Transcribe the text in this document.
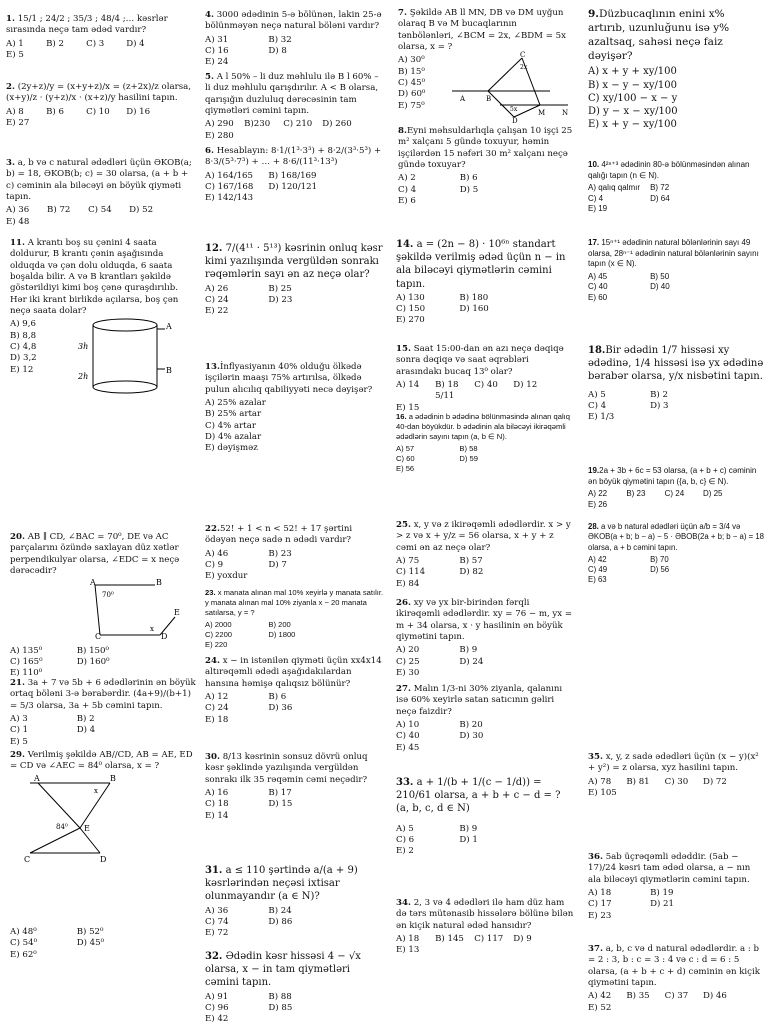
1. 15/1 ; 24/2 ; 35/3 ; 48/4 ;… kəsrlər sırasında neçə tam ədəd vardır?

A) 1	B) 2	C) 3	D) 4
E) 5

2. (2y+z)/y = (x+y+z)/x = (z+2x)/z olarsa, (x+y)/z · (y+z)/x · (x+z)/y hasilini tapın.

A) 8	B) 6	C) 10	D) 16
E) 27

3. a, b və c natural ədədləri üçün ƏKOB(a; b) = 18, ƏKOB(b; c) = 30 olarsa, (a + b + c) cəminin ala biləcəyi ən böyük qiyməti tapın.

A) 36	B) 72	C) 54	D) 52
E) 48

11. A krantı boş su çənini 4 saata doldurur, B krantı çənin aşağısında olduqda və çən dolu olduqda, 6 saata boşalda bilir. A və B krantları şəkildə göstərildiyi kimi boş çənə quraşdırılıb. Hər iki krant birlikdə açılarsa, boş çən neçə saata dolar?

A) 9,6
B) 8,8
C) 4,8
D) 3,2
E) 12
A
B
3h
2h

20. AB ∥ CD, ∠BAC = 70⁰, DE və AC parçalarını özündə saxlayan düz xətlər perpendikulyar olarsa, ∠EDC = x neçə dərəcədir?

A	B
C	D
E
70⁰
x
A) 135⁰	B) 150⁰
C) 165⁰	D) 160⁰
E) 110⁰

21. 3a + 7 və 5b + 6 ədədlərinin ən böyük ortaq böləni 3-ə bərabərdir. (4a+9)/(b+1) = 5/3 olarsa, 3a + 5b cəmini tapın.

A) 3	B) 2
C) 1	D) 4
E) 5

29. Verilmiş şəkildə AB//CD, AB = AE, ED = CD və ∠AEC = 84⁰ olarsa, x = ?

A	B
C	D
E
84⁰
x
A) 48⁰	B) 52⁰
C) 54⁰	D) 45⁰
E) 62⁰

4. 3000 ədədinin 5-ə bölünən, lakin 25-ə bölünməyən neçə natural böləni vardır?

A) 31	B) 32
C) 16	D) 8
E) 24

5. A l 50% – li duz məhlulu ilə B l 60% – li duz məhlulu qarışdırılır. A < B olarsa, qarışığın duzluluq dərəcəsinin tam qiymətləri cəmini tapın.

A) 290	B)230	C) 210	D) 260
E) 280

6. Hesablayın: 8·1/(1³·3³) + 8·2/(3³·5³) + 8·3/(5³·7³) + … + 8·6/(11³·13³)

A) 164/165	B) 168/169
C) 167/168	D) 120/121
E) 142/143

12. 7/(4¹¹ · 5¹³) kəsrinin onluq kəsr kimi yazılışında vergüldən sonrakı rəqəmlərin sayı ən az neçə olar?

A) 26	B) 25
C) 24	D) 23
E) 22

13.İnflyasiyanın 40% olduğu ölkədə işçilərin maaşı 75% artırılsa, ölkədə pulun alıcılıq qabiliyyəti necə dəyişər?

A) 25% azalar
B) 25% artar
C) 4% artar
D) 4% azalar
E) dəyişməz

22.52! + 1 < n < 52! + 17 şərtini ödəyən neçə sadə n ədədi vardır?

A) 46	B) 23
C) 9	D) 7
E) yoxdur

23. x manata alınan mal 10% xeyirlə y manata satılır. y manata alınan mal 10% ziyanla x − 20 manata satılarsa, y = ?

A) 2000	B) 200
C) 2200	D) 1800
E) 220

24. x − in istənilən qiyməti üçün xx4x14 altırəqəmli ədədi aşağıdakılardan hansına həmişə qalıqsız bölünür?

A) 12	B) 6
C) 24	D) 36
E) 18

30. 8/13 kəsrinin sonsuz dövrü onluq kəsr şəklində yazılışında vergüldən sonrakı ilk 35 rəqəmin cəmi neçədir?

A) 16	B) 17
C) 18	D) 15
E) 14

31. a ≤ 110 şərtində a/(a + 9) kəsrlərindən neçəsi ixtisar olunmayandır (a ∈ N)?

A) 36	B) 24
C) 74	D) 86
E) 72

32. Ədədin kəsr hissəsi 4 − √x olarsa, x − in tam qiymətləri cəmini tapın.

A) 91	B) 88
C) 96	D) 85
E) 42

7. Şəkildə AB ll MN, DB və DM uyğun olaraq B və M bucaqlarının tənbölənləri, ∠BCM = 2x, ∠BDM = 5x olarsa, x = ?

A) 30⁰
B) 15⁰
C) 45⁰
D) 60⁰
E) 75⁰
A	B
C
D
M N
5x
2x

8.Eyni məhsuldarlıqla çalışan 10 işçi 25 m² xalçanı 5 gündə toxuyur, həmin işçilərdən 15 nəfəri 30 m² xalçanı neçə gündə toxuyar?

A) 2	B) 6
C) 4	D) 5
E) 6

14. a = (2n − 8) · 10⁶ⁿ standart şəkildə verilmiş ədəd üçün n − in ala biləcəyi qiymətlərin cəmini tapın.

A) 130	B) 180
C) 150	D) 160
E) 270

15. Saat 15:00-dan ən azı neçə dəqiqə sonra dəqiqə və saat əqrəbləri arasındakı bucaq 13⁰ olar?

A) 14	B) 18 5/11
C) 40	D) 12
E) 15

16. a ədədinin b ədədinə bölünməsində alınan qalıq 40-dan böyükdür. b ədədinin ala biləcəyi ikirəqəmli ədədlərin sayını tapın (a, b ∈ N).

A) 57	B) 58
C) 60	D) 59
E) 56

25. x, y və z ikirəqəmli ədədlərdir. x > y > z və x + y/z = 56 olarsa, x + y + z cəmi ən az neçə olar?

A) 75	B) 57
C) 114	D) 82
E) 84

26. xy və yx bir-birindən fərqli ikirəqəmli ədədlərdir. xy = 76 − m, yx = m + 34 olarsa, x · y hasilinin ən böyük qiymətini tapın.

A) 20	B) 9
C) 25	D) 24
E) 30

27. Malın 1/3-ni 30% ziyanla, qalanını isə 60% xeyirlə satan satıcının gəliri neçə faizdir?

A) 10	B) 20
C) 40	D) 30
E) 45

33. a + 1/(b + 1/(c − 1/d)) = 210/61 olarsa, a + b + c − d = ? (a, b, c, d ∈ N)

A) 5	B) 9
C) 6	D) 1
E) 2

34. 2, 3 və 4 ədədləri ilə ham düz ham də tərs mütənasib hissələrə bölünə bilən ən kiçik natural ədəd hansıdır?

A) 18	B) 145	C) 117	D) 9
E) 13

9.Düzbucaqlının enini x% artırıb, uzunluğunu isə y% azaltsaq, sahəsi neçə faiz dəyişər?

A) x + y + xy/100
B) x − y − xy/100
C) xy/100 − x − y
D) y − x − xy/100
E) x + y − xy/100

10. 4²ⁿ⁺³ ədədinin 80-ə bölünməsindən alınan qalığı tapın (n ∈ N).

A) qalıq qalmır	B) 72
C) 4	D) 64
E) 19

17. 15ⁿ⁺¹ ədədinin natural bölənlərinin sayı 49 olarsa, 28ⁿ⁻¹ ədədinin natural bölənlərinin sayını tapın (x ∈ N).

A) 45	B) 50
C) 40	D) 40
E) 60

18.Bir ədədin 1/7 hissəsi xy ədədinə, 1/4 hissəsi isə yx ədədinə bərabər olarsa, y/x nisbətini tapın.

A) 5	B) 2
C) 4	D) 3
E) 1/3

19.2a + 3b + 6c = 53 olarsa, (a + b + c) cəminin ən böyük qiymətini tapın ({a, b, c} ∈ N).

A) 22	B) 23	C) 24	D) 25
E) 26

28. a və b natural ədədləri üçün a/b = 3/4 və ƏKOB(a + b; b − a) − 5 · ƏBOB(2a + b; b − a) = 18 olarsa, a + b cəmini tapın.

A) 42	B) 70
C) 49	D) 56
E) 63

35. x, y, z sadə ədədləri üçün (x − y)(x² + y²) = z olarsa, xyz hasilini tapın.

A) 78	B) 81	C) 30	D) 72
E) 105

36. 5ab üçrəqəmli ədəddir. (5ab − 17)/24 kəsri tam ədəd olarsa, a − nın ala biləcəyi qiymətlərin cəmini tapın.

A) 18	B) 19
C) 17	D) 21
E) 23

37. a, b, c və d natural ədədlərdir. a : b = 2 : 3, b : c = 3 : 4 və c : d = 6 : 5 olarsa, (a + b + c + d) cəminin ən kiçik qiymətini tapın.

A) 42	B) 35	C) 37	D) 46
E) 52
